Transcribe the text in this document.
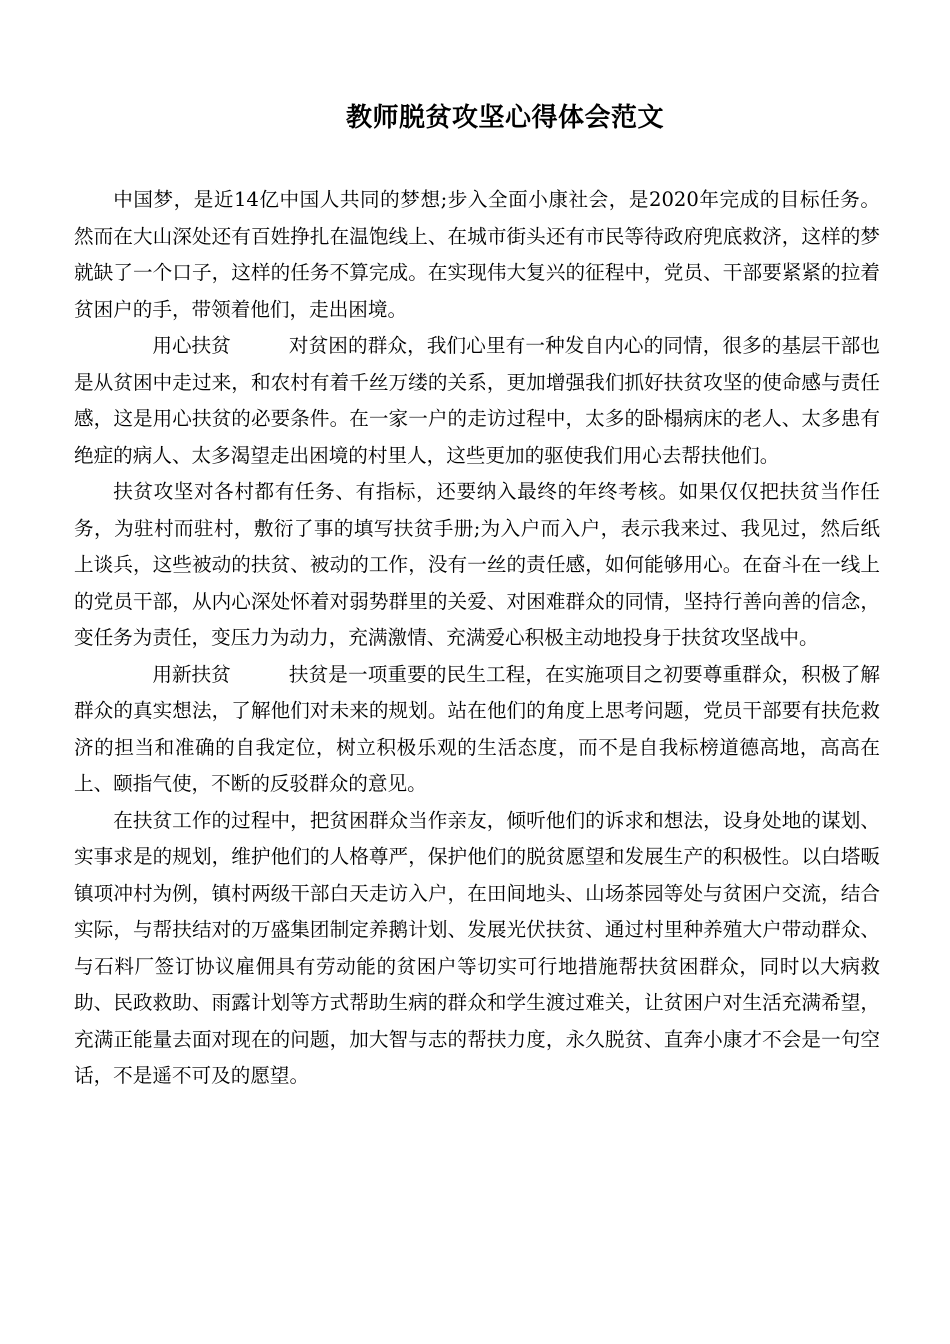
教师脱贫攻坚心得体会范文

中国梦，是近14亿中国人共同的梦想;步入全面小康社会，是2020年完成的目标任务。然而在大山深处还有百姓挣扎在温饱线上、在城市街头还有市民等待政府兜底救济，这样的梦就缺了一个口子，这样的任务不算完成。在实现伟大复兴的征程中，党员、干部要紧紧的拉着贫困户的手，带领着他们，走出困境。

用心扶贫	对贫困的群众，我们心里有一种发自内心的同情，很多的基层干部也是从贫困中走过来，和农村有着千丝万缕的关系，更加增强我们抓好扶贫攻坚的使命感与责任感，这是用心扶贫的必要条件。在一家一户的走访过程中，太多的卧榻病床的老人、太多患有绝症的病人、太多渴望走出困境的村里人，这些更加的驱使我们用心去帮扶他们。

扶贫攻坚对各村都有任务、有指标，还要纳入最终的年终考核。如果仅仅把扶贫当作任务，为驻村而驻村，敷衍了事的填写扶贫手册;为入户而入户，表示我来过、我见过，然后纸上谈兵，这些被动的扶贫、被动的工作，没有一丝的责任感，如何能够用心。在奋斗在一线上的党员干部，从内心深处怀着对弱势群里的关爱、对困难群众的同情，坚持行善向善的信念，变任务为责任，变压力为动力，充满激情、充满爱心积极主动地投身于扶贫攻坚战中。

用新扶贫	扶贫是一项重要的民生工程，在实施项目之初要尊重群众，积极了解群众的真实想法，了解他们对未来的规划。站在他们的角度上思考问题，党员干部要有扶危救济的担当和准确的自我定位，树立积极乐观的生活态度，而不是自我标榜道德高地，高高在上、颐指气使，不断的反驳群众的意见。

在扶贫工作的过程中，把贫困群众当作亲友，倾听他们的诉求和想法，设身处地的谋划、实事求是的规划，维护他们的人格尊严，保护他们的脱贫愿望和发展生产的积极性。以白塔畈镇项冲村为例，镇村两级干部白天走访入户，在田间地头、山场茶园等处与贫困户交流，结合实际，与帮扶结对的万盛集团制定养鹅计划、发展光伏扶贫、通过村里种养殖大户带动群众、与石料厂签订协议雇佣具有劳动能的贫困户等切实可行地措施帮扶贫困群众，同时以大病救助、民政救助、雨露计划等方式帮助生病的群众和学生渡过难关，让贫困户对生活充满希望，充满正能量去面对现在的问题，加大智与志的帮扶力度，永久脱贫、直奔小康才不会是一句空话，不是遥不可及的愿望。
